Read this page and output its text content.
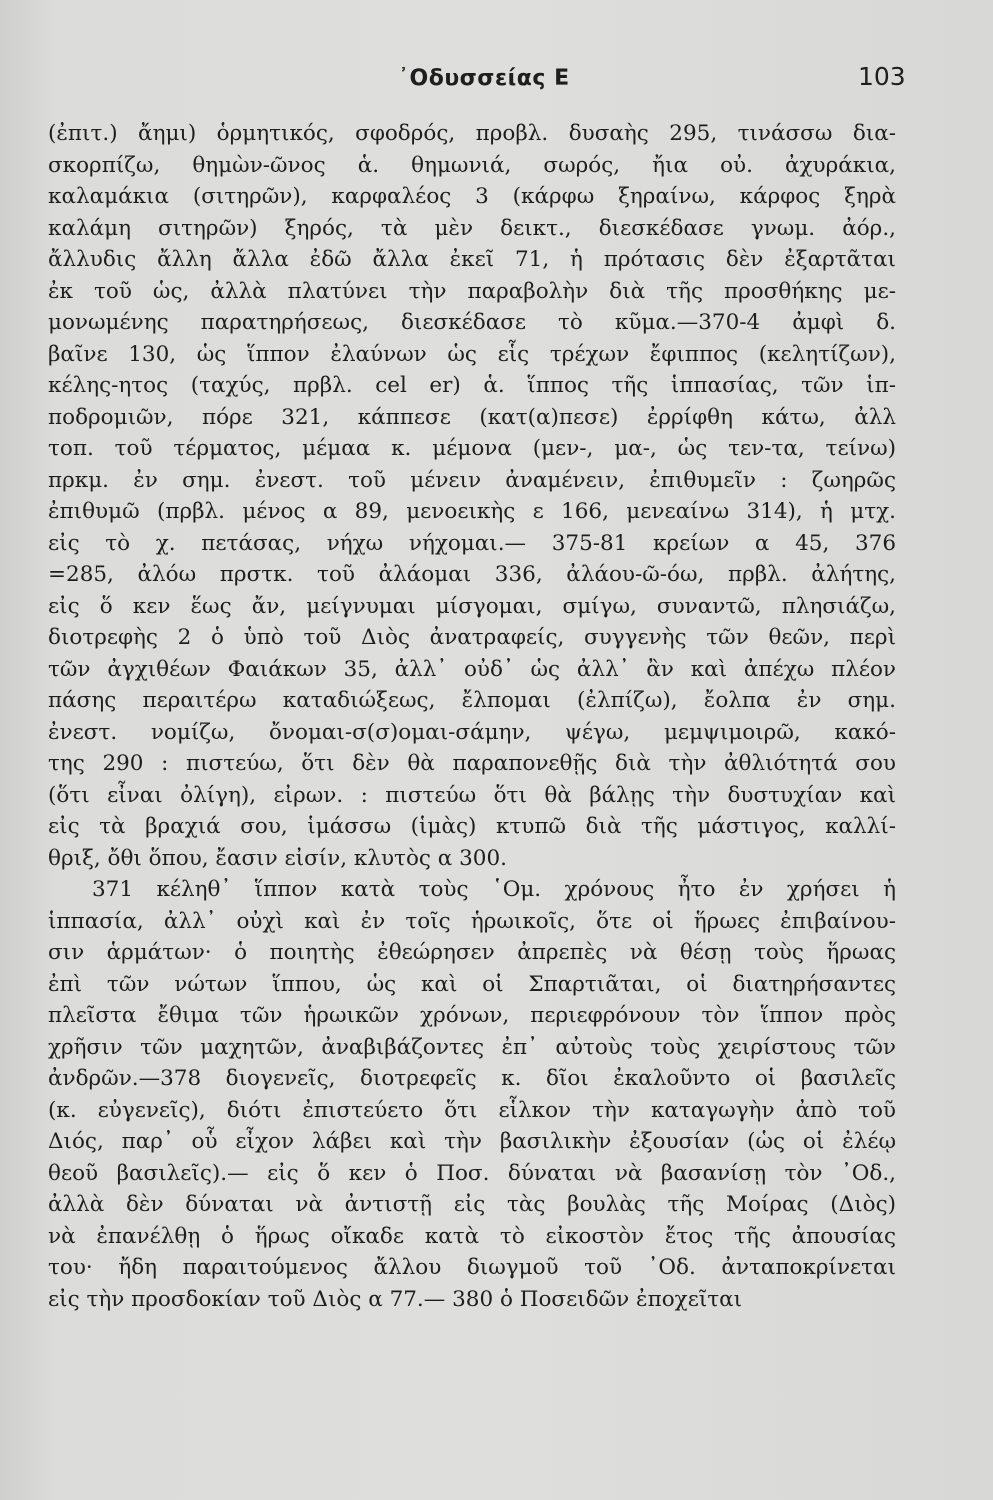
᾽Οδυσσείας Ε	103
(ἐπιτ.) ἄημι) ὁρμητικός, σφοδρός, προβλ. δυσαὴς 295, τινάσσω δια-
σκορπίζω, θημὼν-ῶνος ἁ. θημωνιά, σωρός, ἤια οὐ. ἀχυράκια,
καλαμάκια (σιτηρῶν), καρφαλέος 3 (κάρφω ξηραίνω, κάρφος ξηρὰ
καλάμη σιτηρῶν) ξηρός, τὰ μὲν δεικτ., διεσκέδασε γνωμ. ἀόρ.,
ἄλλυδις ἄλλη ἄλλα ἐδῶ ἄλλα ἐκεῖ 71, ἡ πρότασις δὲν ἐξαρτᾶται
ἐκ τοῦ ὡς, ἀλλὰ πλατύνει τὴν παραβολὴν διὰ τῆς προσθήκης με-
μονωμένης παρατηρήσεως, διεσκέδασε τὸ κῦμα.—370-4 ἀμφὶ δ.
βαῖνε 130, ὡς ἵππον ἐλαύνων ὡς εἷς τρέχων ἔφιππος (κελητίζων),
κέλης-ητος (ταχύς, πρβλ. cel er) ἁ. ἵππος τῆς ἱππασίας, τῶν ἱπ-
ποδρομιῶν, πόρε 321, κάππεσε (κατ(α)πεσε) ἐρρίφθη κάτω, ἀλλ
τοπ. τοῦ τέρματος, μέμαα κ. μέμονα (μεν-, μα-, ὡς τεν-τα, τείνω)
πρκμ. ἐν σημ. ἐνεστ. τοῦ μένειν ἀναμένειν, ἐπιθυμεῖν : ζωηρῶς
ἐπιθυμῶ (πρβλ. μένος α 89, μενοεικὴς ε 166, μενεαίνω 314), ἡ μτχ.
εἰς τὸ χ. πετάσας, νήχω νήχομαι.— 375-81 κρείων α 45, 376
=285, ἀλόω πρστκ. τοῦ ἀλάομαι 336, ἀλάου-ῶ-όω, πρβλ. ἀλήτης,
εἰς ὅ κεν ἕως ἄν, μείγνυμαι μίσγομαι, σμίγω, συναντῶ, πλησιάζω,
διοτρεφὴς 2 ὁ ὑπὸ τοῦ Διὸς ἀνατραφείς, συγγενὴς τῶν θεῶν, περὶ
τῶν ἀγχιθέων Φαιάκων 35, ἀλλ᾽ οὐδ᾽ ὡς ἀλλ᾽ ἂν καὶ ἀπέχω πλέον
πάσης περαιτέρω καταδιώξεως, ἔλπομαι (ἐλπίζω), ἔολπα ἐν σημ.
ἐνεστ. νομίζω, ὄνομαι-σ(σ)ομαι-σάμην, ψέγω, μεμψιμοιρῶ, κακό-
της 290 : πιστεύω, ὅτι δὲν θὰ παραπονεθῇς διὰ τὴν ἀθλιότητά σου
(ὅτι εἶναι ὀλίγη), εἰρων. : πιστεύω ὅτι θὰ βάλῃς τὴν δυστυχίαν καὶ
εἰς τὰ βραχιά σου, ἱμάσσω (ἱμὰς) κτυπῶ διὰ τῆς μάστιγος, καλλί-
θριξ, ὄθι ὅπου, ἔασιν εἰσίν, κλυτὸς α 300.
371 κέληθ᾽ ἵππον κατὰ τοὺς ῾Ομ. χρόνους ἦτο ἐν χρήσει ἡ
ἱππασία, ἀλλ᾽ οὐχὶ καὶ ἐν τοῖς ἡρωικοῖς, ὅτε οἱ ἥρωες ἐπιβαίνου-
σιν ἁρμάτων· ὁ ποιητὴς ἐθεώρησεν ἀπρεπὲς νὰ θέσῃ τοὺς ἥρωας
ἐπὶ τῶν νώτων ἵππου, ὡς καὶ οἱ Σπαρτιᾶται, οἱ διατηρήσαντες
πλεῖστα ἔθιμα τῶν ἡρωικῶν χρόνων, περιεφρόνουν τὸν ἵππον πρὸς
χρῆσιν τῶν μαχητῶν, ἀναβιβάζοντες ἐπ᾽ αὐτοὺς τοὺς χειρίστους τῶν
ἀνδρῶν.—378 διογενεῖς, διοτρεφεῖς κ. δῖοι ἐκαλοῦντο οἱ βασιλεῖς
(κ. εὐγενεῖς), διότι ἐπιστεύετο ὅτι εἷλκον τὴν καταγωγὴν ἀπὸ τοῦ
Διός, παρ᾽ οὗ εἶχον λάβει καὶ τὴν βασιλικὴν ἐξουσίαν (ὡς οἱ ἐλέῳ
θεοῦ βασιλεῖς).— εἰς ὅ κεν ὁ Ποσ. δύναται νὰ βασανίσῃ τὸν ᾽Οδ.,
ἀλλὰ δὲν δύναται νὰ ἀντιστῇ εἰς τὰς βουλὰς τῆς Μοίρας (Διὸς)
νὰ ἐπανέλθῃ ὁ ἥρως οἴκαδε κατὰ τὸ εἰκοστὸν ἔτος τῆς ἀπουσίας
του· ἤδη παραιτούμενος ἄλλου διωγμοῦ τοῦ ᾽Οδ. ἀνταποκρίνεται
εἰς τὴν προσδοκίαν τοῦ Διὸς α 77.— 380 ὁ Ποσειδῶν ἐποχεῖται
